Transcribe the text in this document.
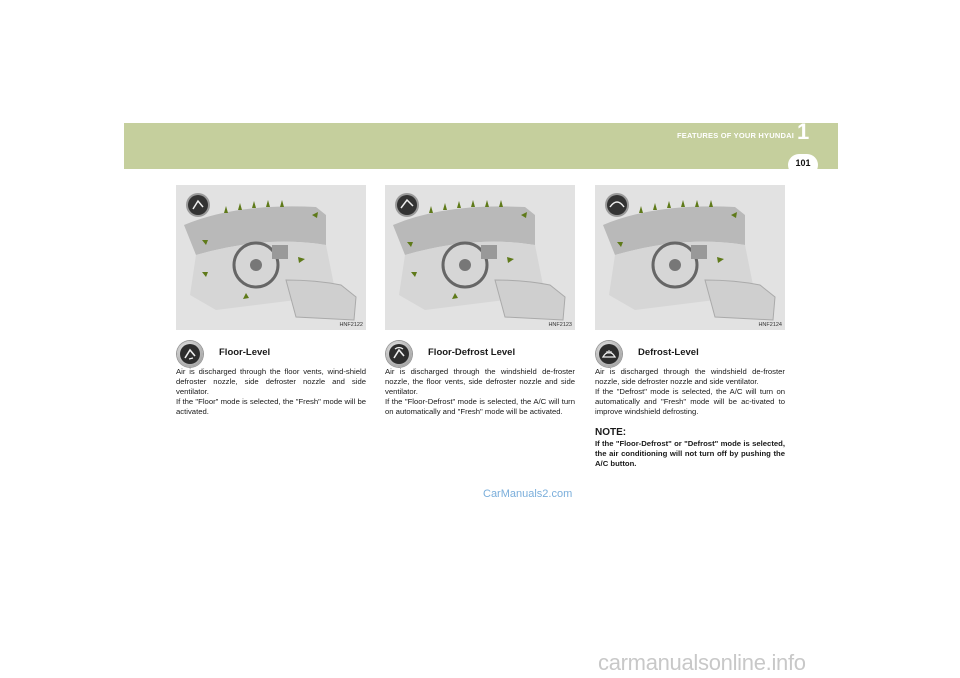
FEATURES OF YOUR HYUNDAI 1
101
HNF2122
Floor-Level

Air is discharged through the floor vents, wind-shield defroster nozzle, side defroster nozzle and side ventilator.

If the "Floor" mode is selected, the "Fresh" mode will be activated.

HNF2123
Floor-Defrost Level

Air is discharged through the windshield de-froster nozzle, the floor vents, side defroster nozzle and side ventilator.

If the "Floor-Defrost" mode is selected, the A/C will turn on automatically and "Fresh" mode will be activated.

HNF2124
Defrost-Level

Air is discharged through the windshield de-froster nozzle, side defroster nozzle and side ventilator.

If the "Defrost" mode is selected, the A/C will turn on automatically and "Fresh" mode will be ac-tivated to improve windshield defrosting.

NOTE:
If the "Floor-Defrost" or "Defrost" mode is selected, the air conditioning will not turn off by pushing the A/C button.
CarManuals2.com
carmanualsonline.info
